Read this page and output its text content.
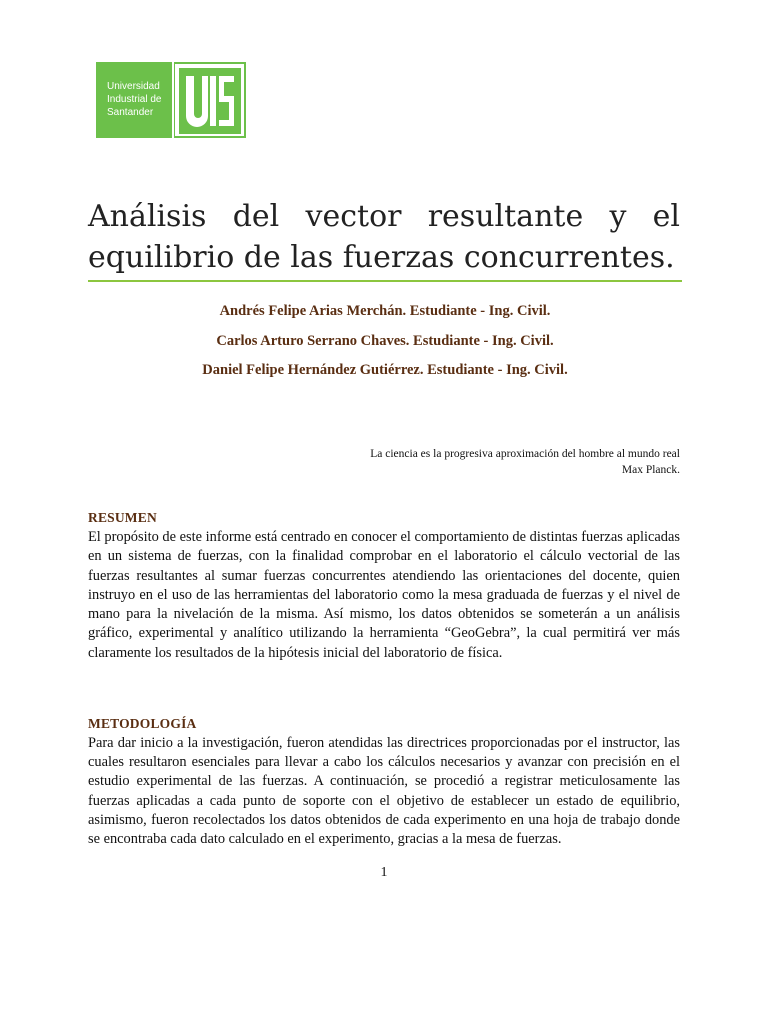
Universidad
Industrial de
Santander
Análisis del vector resultante y el equilibrio de las fuerzas concurrentes.
Andrés Felipe Arias Merchán. Estudiante - Ing. Civil.
Carlos Arturo Serrano Chaves. Estudiante - Ing. Civil.
Daniel Felipe Hernández Gutiérrez. Estudiante - Ing. Civil.
La ciencia es la progresiva aproximación del hombre al mundo real
Max Planck.
RESUMEN

El propósito de este informe está centrado en conocer el comportamiento de distintas fuerzas aplicadas en un sistema de fuerzas, con la finalidad comprobar en el laboratorio el cálculo vectorial de las fuerzas resultantes al sumar fuerzas concurrentes atendiendo las orientaciones del docente, quien instruyo en el uso de las herramientas del laboratorio como la mesa graduada de fuerzas y el nivel de mano para la nivelación de la misma. Así mismo, los datos obtenidos se someterán a un análisis gráfico, experimental y analítico utilizando la herramienta “GeoGebra”, la cual permitirá ver más claramente los resultados de la hipótesis inicial del laboratorio de física.

METODOLOGÍA

Para dar inicio a la investigación, fueron atendidas las directrices proporcionadas por el instructor, las cuales resultaron esenciales para llevar a cabo los cálculos necesarios y avanzar con precisión en el estudio experimental de las fuerzas. A continuación, se procedió a registrar meticulosamente las fuerzas aplicadas a cada punto de soporte con el objetivo de establecer un estado de equilibrio, asimismo, fueron recolectados los datos obtenidos de cada experimento en una hoja de trabajo donde se encontraba cada dato calculado en el experimento, gracias a la mesa de fuerzas.

1
